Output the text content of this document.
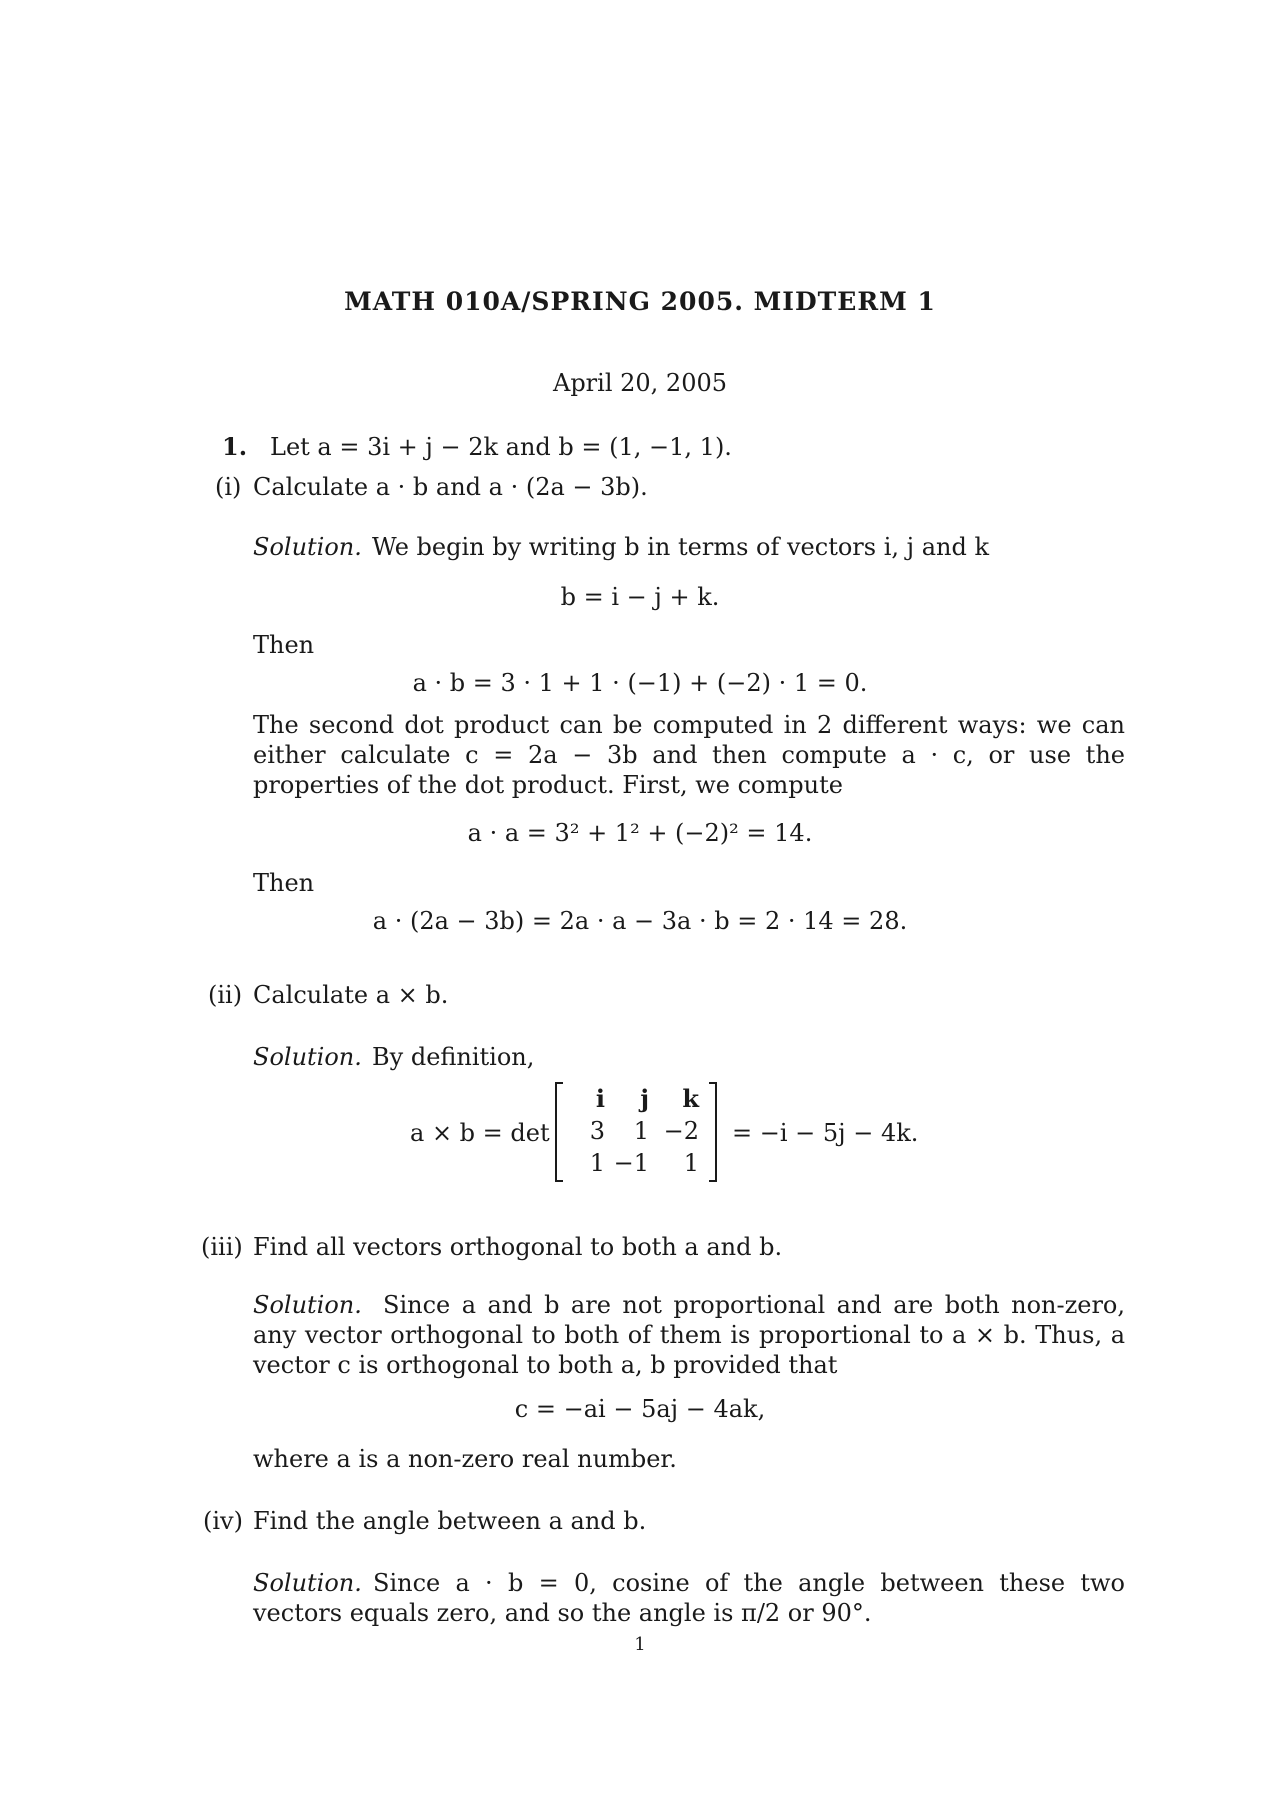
MATH 010A/SPRING 2005. MIDTERM 1
April 20, 2005
1. Let a = 3i + j − 2k and b = (1, −1, 1).
(i) Calculate a · b and a · (2a − 3b).
Solution. We begin by writing b in terms of vectors i, j and k
b = i − j + k.
Then
a · b = 3 · 1 + 1 · (−1) + (−2) · 1 = 0.
The second dot product can be computed in 2 different ways: we can either calculate c = 2a − 3b and then compute a · c, or use the properties of the dot product. First, we compute
a · a = 3² + 1² + (−2)² = 14.
Then
a · (2a − 3b) = 2a · a − 3a · b = 2 · 14 = 28.
(ii) Calculate a × b.
Solution. By definition,
a × b = det
i	j	k
3	1 −2
1 −1	1
= −i − 5j − 4k.
(iii) Find all vectors orthogonal to both a and b.
Solution. Since a and b are not proportional and are both non-zero, any vector orthogonal to both of them is proportional to a × b. Thus, a vector c is orthogonal to both a, b provided that
c = −ai − 5aj − 4ak,
where a is a non-zero real number.
(iv) Find the angle between a and b.
Solution. Since a · b = 0, cosine of the angle between these two vectors equals zero, and so the angle is π/2 or 90°.
1
